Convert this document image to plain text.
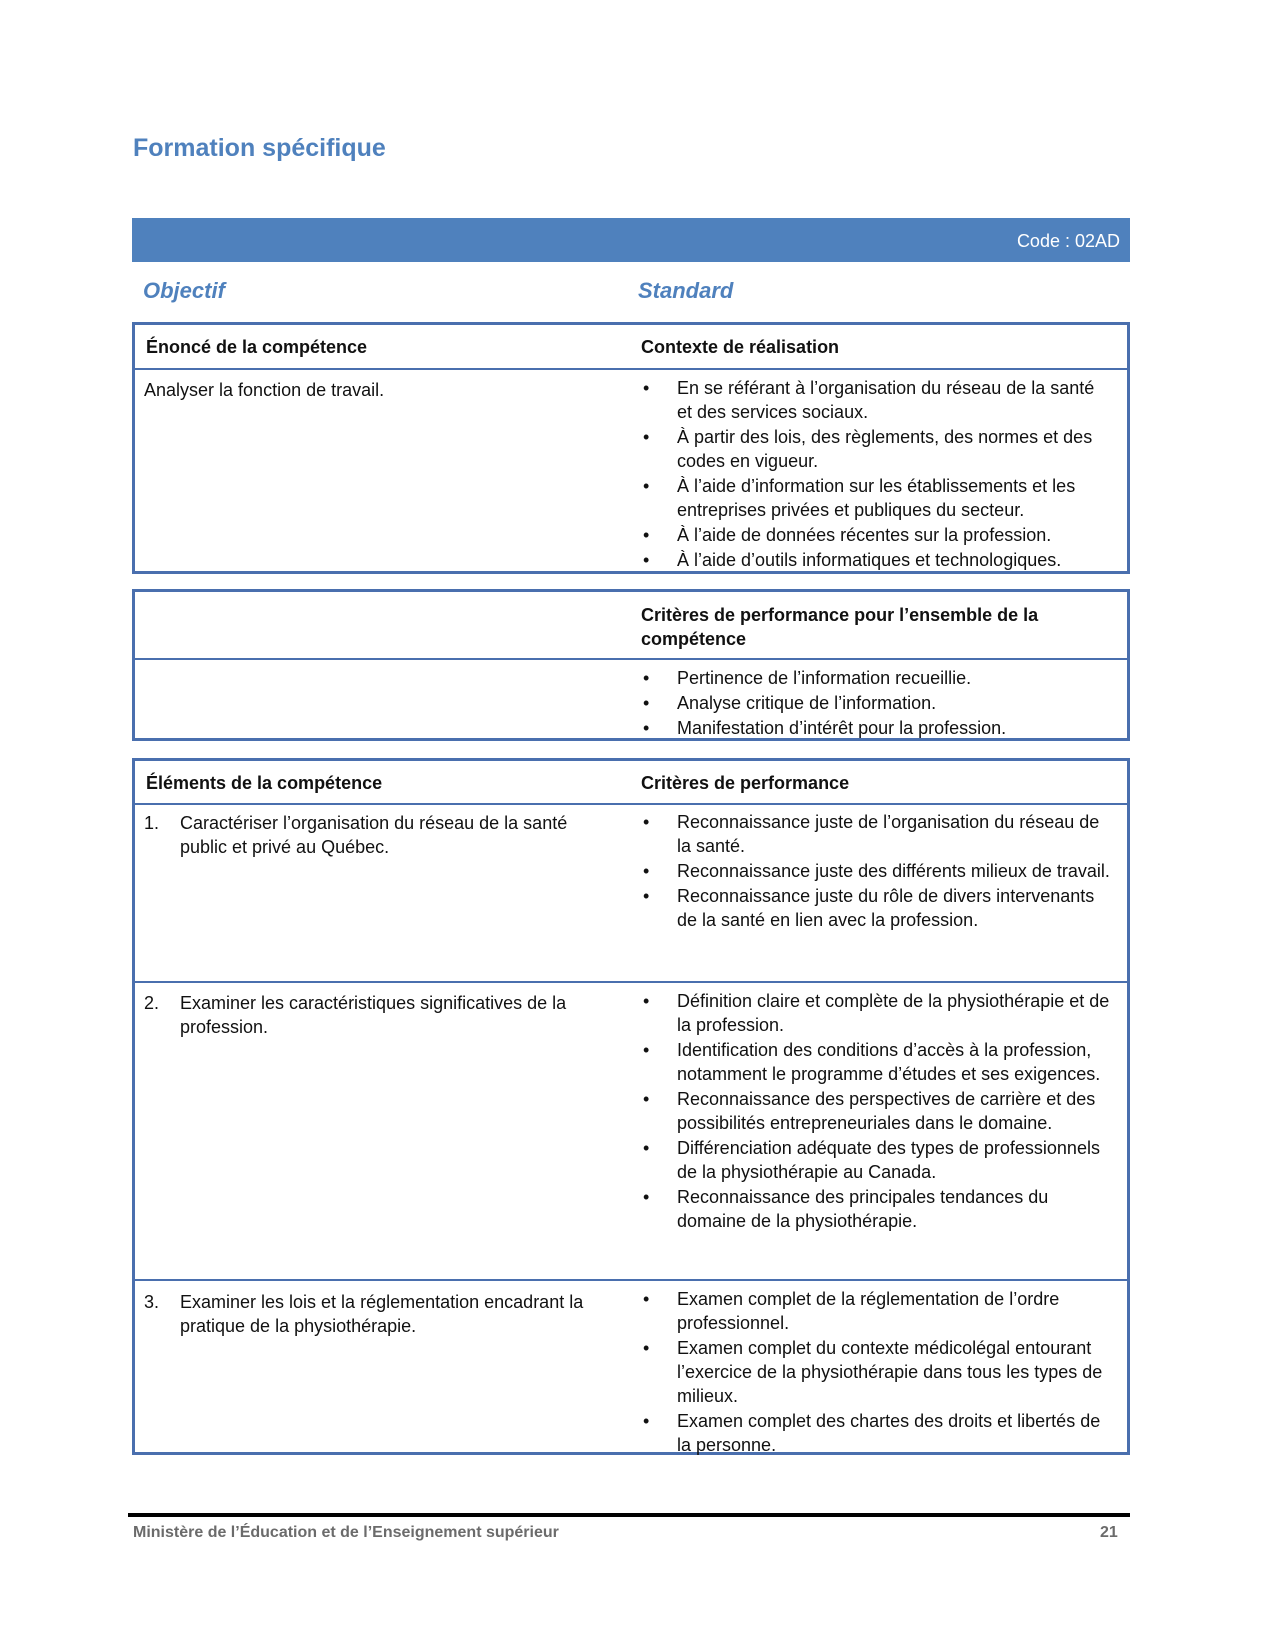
Formation spécifique
Code : 02AD
Objectif	Standard
Énoncé de la compétence	Contexte de réalisation
Analyser la fonction de travail.	• En se référant à l’organisation du réseau de la santé et des services sociaux.
• À partir des lois, des règlements, des normes et des codes en vigueur.
• À l’aide d’information sur les établissements et les entreprises privées et publiques du secteur.
• À l’aide de données récentes sur la profession.
• À l’aide d’outils informatiques et technologiques.
Critères de performance pour l’ensemble de la compétence
• Pertinence de l’information recueillie.
• Analyse critique de l’information.
• Manifestation d’intérêt pour la profession.
Éléments de la compétence	Critères de performance
1. Caractériser l’organisation du réseau de la santé public et privé au Québec.
• Reconnaissance juste de l’organisation du réseau de la santé.
• Reconnaissance juste des différents milieux de travail.
• Reconnaissance juste du rôle de divers intervenants de la santé en lien avec la profession.
2. Examiner les caractéristiques significatives de la profession.
• Définition claire et complète de la physiothérapie et de la profession.
• Identification des conditions d’accès à la profession, notamment le programme d’études et ses exigences.
• Reconnaissance des perspectives de carrière et des possibilités entrepreneuriales dans le domaine.
• Différenciation adéquate des types de professionnels de la physiothérapie au Canada.
• Reconnaissance des principales tendances du domaine de la physiothérapie.
3. Examiner les lois et la réglementation encadrant la pratique de la physiothérapie.
• Examen complet de la réglementation de l’ordre professionnel.
• Examen complet du contexte médicolégal entourant l’exercice de la physiothérapie dans tous les types de milieux.
• Examen complet des chartes des droits et libertés de la personne.
Ministère de l’Éducation et de l’Enseignement supérieur	21
